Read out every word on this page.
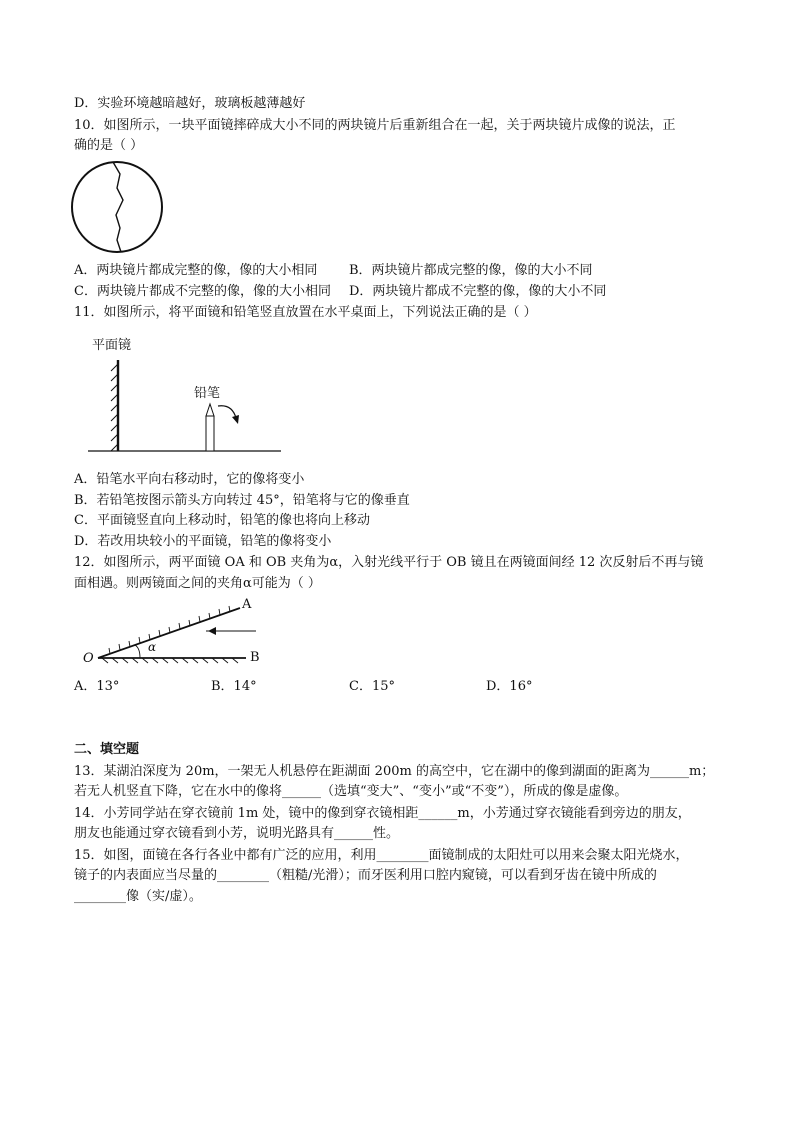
D．实验环境越暗越好，玻璃板越薄越好
10．如图所示，一块平面镜摔碎成大小不同的两块镜片后重新组合在一起，关于两块镜片成像的说法，正
确的是（ ）
A．两块镜片都成完整的像，像的大小相同 B．两块镜片都成完整的像，像的大小不同
C．两块镜片都成不完整的像，像的大小相同 D．两块镜片都成不完整的像，像的大小不同
11．如图所示，将平面镜和铅笔竖直放置在水平桌面上，下列说法正确的是（ ）
平面镜
铅笔
A．铅笔水平向右移动时，它的像将变小
B．若铅笔按图示箭头方向转过 45°，铅笔将与它的像垂直
C．平面镜竖直向上移动时，铅笔的像也将向上移动
D．若改用块较小的平面镜，铅笔的像将变小
12．如图所示，两平面镜 OA 和 OB 夹角为α，入射光线平行于 OB 镜且在两镜面间经 12 次反射后不再与镜
面相遇。则两镜面之间的夹角α可能为（ ）
A
B
O
α
A．13°	B．14°	C．15°	D．16°
二、填空题
13．某湖泊深度为 20m，一架无人机悬停在距湖面 200m 的高空中，它在湖中的像到湖面的距离为______m；
若无人机竖直下降，它在水中的像将______（选填“变大”、“变小”或“不变”），所成的像是虚像。
14．小芳同学站在穿衣镜前 1m 处，镜中的像到穿衣镜相距______m，小芳通过穿衣镜能看到旁边的朋友，
朋友也能通过穿衣镜看到小芳，说明光路具有______性。
15．如图，面镜在各行各业中都有广泛的应用，利用________面镜制成的太阳灶可以用来会聚太阳光烧水，
镜子的内表面应当尽量的________（粗糙/光滑）；而牙医利用口腔内窥镜，可以看到牙齿在镜中所成的
________像（实/虚）。
